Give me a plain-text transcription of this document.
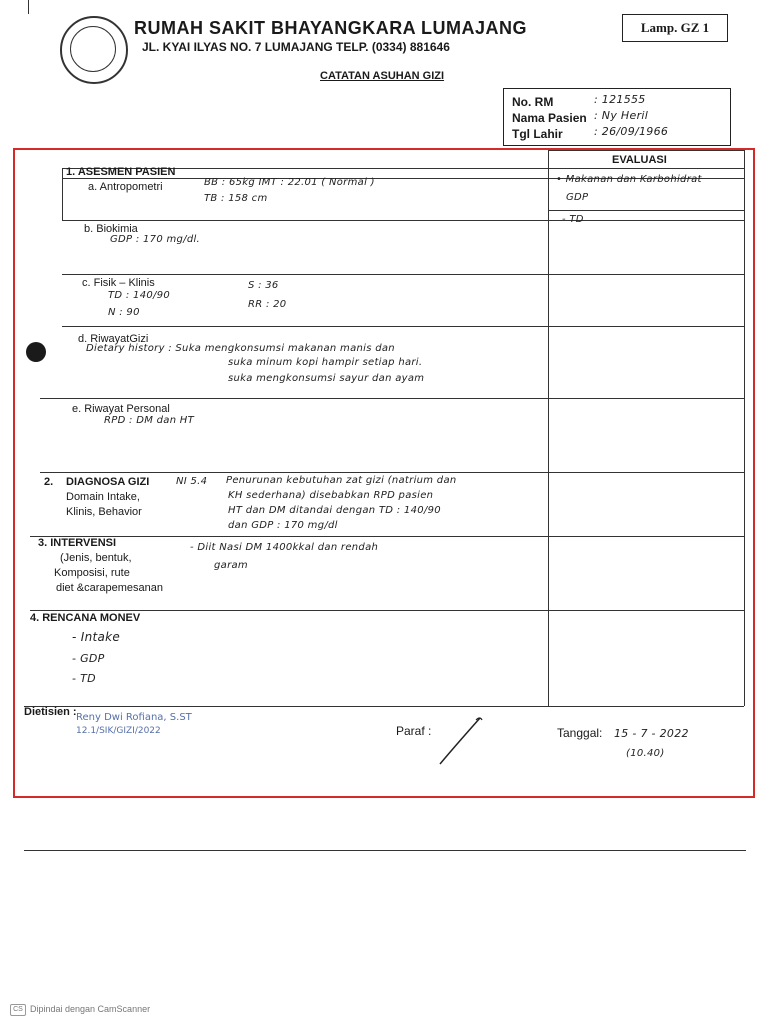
RUMAH SAKIT BHAYANGKARA LUMAJANG
JL. KYAI ILYAS NO. 7 LUMAJANG TELP. (0334) 881646
Lamp. GZ 1
CATATAN ASUHAN GIZI
No. RM	: 121555
Nama Pasien : Ny Heril
Tgl Lahir	: 26/09/1966
1. ASESMEN PASIEN
EVALUASI
a. Antropometri	BB : 65kg IMT : 22.01 ( Normal )
TB : 158 cm
• Makanan dan Karbohidrat
GDP
- TD
b. Biokimia
GDP : 170 mg/dl.
c. Fisik – Klinis
TD : 140/90
N : 90
S : 36
RR : 20
d. RiwayatGizi
Dietary history : Suka mengkonsumsi makanan manis dan
suka minum kopi hampir setiap hari.
suka mengkonsumsi sayur dan ayam
e. Riwayat Personal
RPD : DM dan HT
2. DIAGNOSA GIZI	NI 5.4
Domain Intake,
Klinis, Behavior
Penurunan kebutuhan zat gizi (natrium dan
KH sederhana) disebabkan RPD pasien
HT dan DM ditandai dengan TD : 140/90
dan GDP : 170 mg/dl
3. INTERVENSI
(Jenis, bentuk,
Komposisi, rute
diet &carapemesanan
- Diit Nasi DM 1400kkal dan rendah
garam
4. RENCANA MONEV
- Intake
- GDP
- TD
Dietisien : Reny Dwi Rofiana, S.ST
12.1/SIK/GIZI/2022	Paraf :	Tanggal: 15 - 7 - 2022
(10.40)
CS Dipindai dengan CamScanner
